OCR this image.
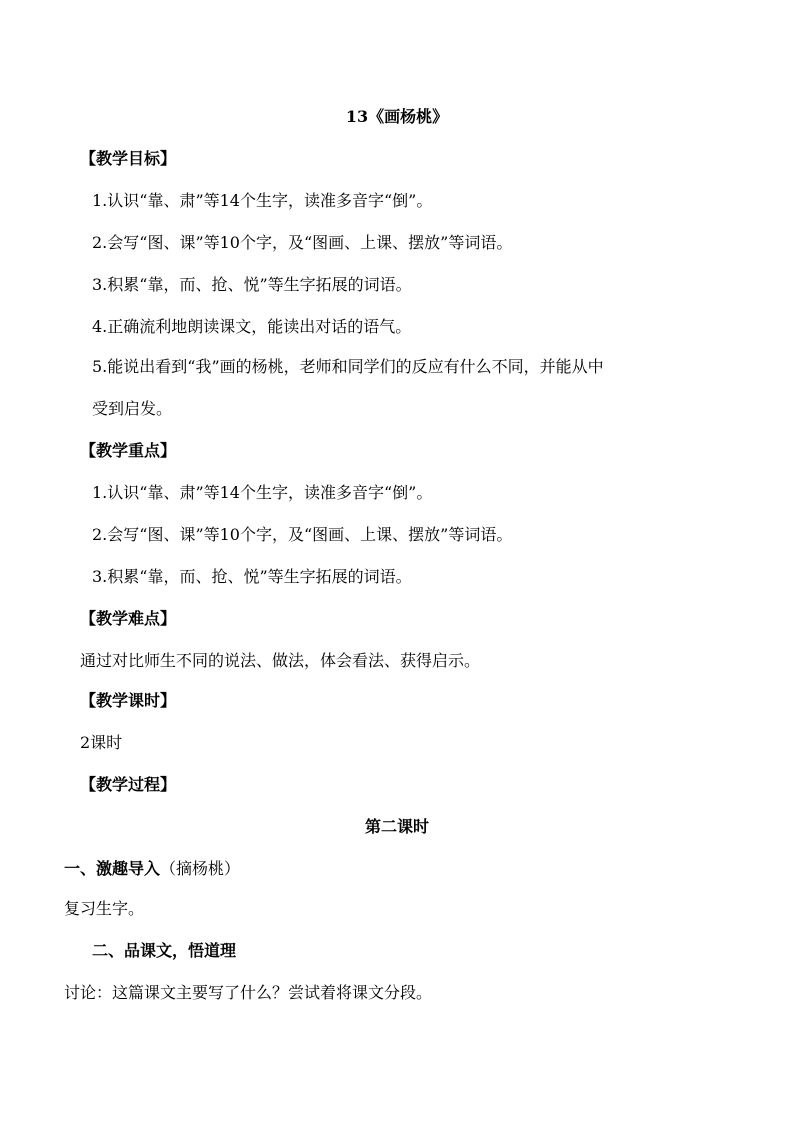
13《画杨桃》
【教学目标】
1.认识“靠、肃”等14个生字，读准多音字“倒”。
2.会写“图、课”等10个字，及“图画、上课、摆放”等词语。
3.积累“靠，而、抢、悦”等生字拓展的词语。
4.正确流利地朗读课文，能读出对话的语气。
5.能说出看到“我”画的杨桃，老师和同学们的反应有什么不同，并能从中
受到启发。
【教学重点】
1.认识“靠、肃”等14个生字，读准多音字“倒”。
2.会写“图、课”等10个字，及“图画、上课、摆放”等词语。
3.积累“靠，而、抢、悦”等生字拓展的词语。
【教学难点】
通过对比师生不同的说法、做法，体会看法、获得启示。
【教学课时】
2课时
【教学过程】
第二课时
一、激趣导入（摘杨桃）
复习生字。
二、品课文，悟道理
讨论：这篇课文主要写了什么？尝试着将课文分段。
